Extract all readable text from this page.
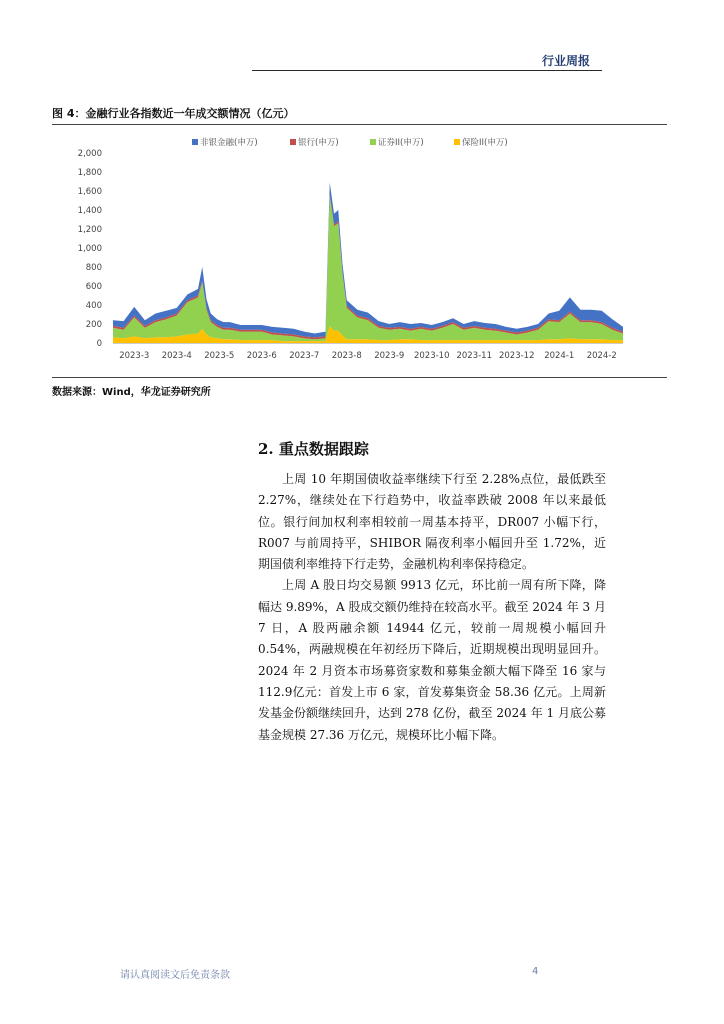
行业周报
图 4：金融行业各指数近一年成交额情况（亿元）
非银金融(申万)	银行(申万)	证券II(申万)	保险II(申万)
0
200
400
600
800
1,000
1,200
1,400
1,600
1,800
2,000
2023-3 2023-4 2023-5 2023-6 2023-7 2023-8 2023-9 2023-10 2023-11 2023-12 2024-1 2024-2
数据来源：Wind，华龙证券研究所
2. 重点数据跟踪

上周 10 年期国债收益率继续下行至 2.28%点位，最低跌至 2.27%，继续处在下行趋势中，收益率跌破 2008 年以来最低位。银行间加权利率相较前一周基本持平，DR007 小幅下行，R007 与前周持平，SHIBOR 隔夜利率小幅回升至 1.72%，近期国债利率维持下行走势，金融机构利率保持稳定。

上周 A 股日均交易额 9913 亿元，环比前一周有所下降，降幅达 9.89%，A 股成交额仍维持在较高水平。截至 2024 年 3 月 7 日，A 股两融余额 14944 亿元，较前一周规模小幅回升 0.54%，两融规模在年初经历下降后，近期规模出现明显回升。2024 年 2 月资本市场募资家数和募集金额大幅下降至 16 家与 112.9亿元：首发上市 6 家，首发募集资金 58.36 亿元。上周新发基金份额继续回升，达到 278 亿份，截至 2024 年 1 月底公募基金规模 27.36 万亿元，规模环比小幅下降。

请认真阅读文后免责条款	4
